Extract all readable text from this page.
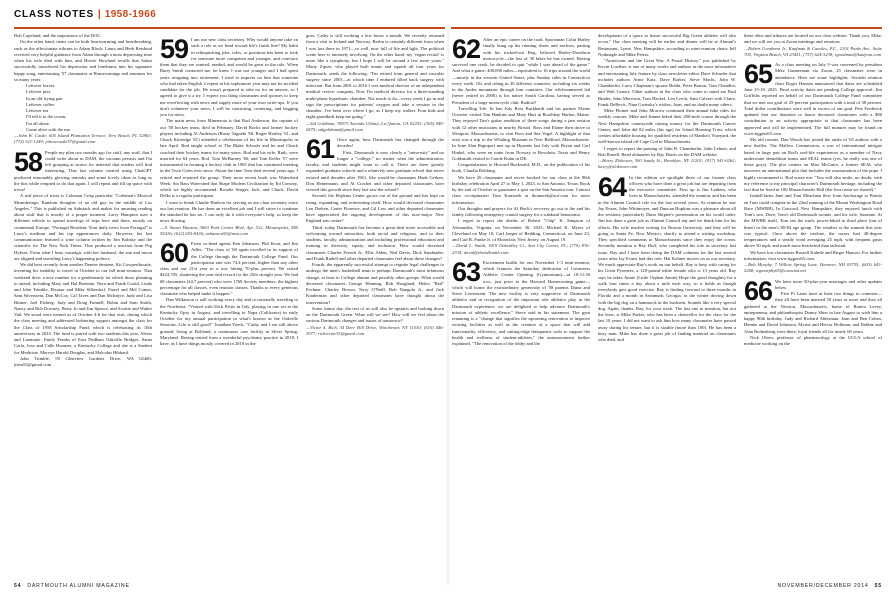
CLASS NOTES | 1958-1966

Bob Copeland, and the importance of the DOC.

On the other hand, items can be both heartwarming and heartbreaking, such as the affectionate tributes to Adam Block: Laura and Herb Reiskind received very helpful guidance from Adam through a most depressing time when his wife died with him, and Howie Howland recalls that Adam successfully transferred his depression and loneliness into his signature happy song, entertaining '57 classmates at Homecomings and reunions for so many years:

Leftover leaves

Leftover pies

In an old frying pan

Leftover coffee

Leftover tea

I'll tell it to the ocean,

I'm all alone.

Come alive with the me.

—John W. Castle, 605 Island Plantation Terrace, Vero Beach, FL 32963; (772) 321-1249; johnwcastle57@gmail.com

58 People my plan two months ago for stuff, any stuff, that I could write about in DAM, the vacuum persists and I'm left grasping at straws for material that readers will find interesting. That last column created using ChatGPT produced reasonably glowing remarks and some lovely ideas as long as the bits while tempted to do that again, I will repeat and fill up space with trivia!

A real piece of trivia is Coleman Crisp particular "Coleman's Musical Meanderings: Random thoughts of an old guy in the middle of Los Angeles." This is published on Substack and makes for amusing reading about stuff that is mostly of a proper moment. Larry Hampton uses a different vehicle to spread travelogs of trips here and there, mostly on continental Europe, "Portugal Resident: Your daily news from Portugal" is Larry's medium and his top appearances daily. However, his last communication featured a wine column written by Jim Kubsky and the scientific for The New York Times. That produced a reaction from Peg Hybsas. From what I hear, nostalgic with her husband, the sun and moon are aligned and unveiling Larry's happening politics.

We did hear recently from another Denver denizen, Kit Cowperthwaite, inventing his inability to travel in October to our fall mini-reunion. That weekend drew a nice number for a gentlemanly lot which those planning to attend, including Mary and Hal Brennan, Nora and Frank Gould, Linda and John Trimble, Eleanor and Mike Silberdorf, Farrel and Mel Comer, Sam Silverstein, Dan McCoy, Cal Taves and Dan McIntyre, Judy and Lisa Bittner, Joel Elsherg, Judy and Doug Funnell, Robin and Sam Smith, Nancy and Bob Downey, Betsy Jo and Jim Spence, and Scottie and Walter Vail. We stood were treated as of October 4-6 for that visit, during which the class meeting and addressed bolstering support amongst the class for the Class of 1958 Scholarship Fund, which is celebrating its 10th anniversary in 2024. The fund is paired with two students this year, Alexis and Luzmarie. Emily Franks of East Dedham Oakville Bridges, Santa Carla, Jose and Calle Huarnes, a Kentucky College and she is a Student for Medicine. Mervyn Harold Douglas, and Malcolm Hibbard.

John Trimble, 95 Glenview Gardens Drive, WA 02460; jtrim55@gmail.com

59 I am our new class secretary. Why would anyone take on such a role as we head toward life's finish line? My habit in relinquishing jobs, roles, or positions has been to look for someone more competent and younger, and convince them that they are wanted, needed, and would be great in the role. When Barry Smith contacted me, he knew I was not younger and I had spent years resigning into retirement. I tried to impress on him that someone who had taken English 2 repeat in his sophomore year may not be an ideal candidate for the job. He wasn't prepared to take no for an answer, so I agreed to give it a try. I expect you thing classmates and spouses to keep me overflowing with news and supply more of your own write-ups. If you don't volunteer your news, I will be contacting, cornering, and begging you for news.

The main news from Minnesota is that Rod Anderson, the captain of our '58 hockey team, died in February. David Rocks and former hockey players including Al Anderson (Rusty Tagneki '60, Roger Hartley '61, and Chuck Kittredge '61) attended a celebration of his life in Minneapolis in late April. Rod taught school at The Blake Schools and he and Chuck coached their hockey teams for many years. Rod and his wife, Ruth, were married for 64 years. Rod, Tom McBurney '60, and Tom Keller '57 were instrumental in forming a hockey club in 1965 that has continued meeting in the Twin Cities ever since. About the time Tom died several years ago, I retired and rejoined the group. Their most recent book was Watershed Week: Six Bass Watershed that Shape Modern Civilization by Ed Conway, which we highly recommend. Rosalie Senger, Jack, and Chuck, David Delks is a regular participant.

I want to thank Charlie Harlson for serving as our class secretary since our last reunion. He has done an excellent job and I will strive to continue the standard he has set. I can only do it with everyone's help, so keep the news flowing.

—A. Stuart Hanson, 3663 Park Center Blvd, Apt. 512, Minneapolis, MN 55416; (612) 655-8436; ashanson55@msn.com

60 From co-head agents Ken Johansen, Phil Kron, and Jim Adler: "The class of '60 again excelled in its support of the College through the Dartmouth College Fund. Our participation rate was 74.4 percent, higher than any other class and our 21st year in a row hitting 70-plus percent. We raised $424,705, shattering the year-end record for the 25th straight year. We had 68 classmates (24.7 percent) who were 1769 Society members, the highest percentage for all classes, even reunion classes. Thanks to every generous classmate who helped make it happen."

Dan Wilkinson is still working every day and occasionally traveling to the Northeast: "Visited with Dick Pettis in July, playing in one set at the Kentucky Opry in August, and travelling to Napa (California) in early October for my annual participation in what's known as the Oakville Sessions. Life is still good!" Jonathan Yoeck: "Cathy and I are still above ground, living at Rohland, a continuous care facility in Silver Spring, Maryland. Having retired from a wonderful psychiatry practice in 2018, I have, as I have things mostly covered in 2018 in the

goes. Cathy is still working a few hours a month. We recently returned from a visit to Ireland and Norway. Berlin is certainly different from when I was last there in 1971—so well, now full of life and light. The political scene here is intensely involving. On the other hand, my 'vegan recital' is more like a symphony, but I hope I will be around a few more years." Marty Zipser, who played both tennis and squash all four years for Dartmouth, sends the following: "I'm retired from general and vascular surgery since 2001—at which time I endured filled back surgery with infection. But from 2001 to 2016 I was medical director of an independent medical review company. Now I'm medical director for a three-standing multi-phase hyperbaric chamber. Not much to do—every week I go in and sign the prescriptions for patients' oxygen and take a session in the chamber. I've been over where I go, as I keep my walker. Four kids and eight grandkids keep me going."

—Sid Goldman, 78573 Avenida Ultima, La Quinta, CA 92253; (305) 949-0475; sidgoldman@gmail.com

61 Once again, how Dartmouth has changed through the decades!

First, Dartmouth is now clearly a "university" and no longer a "college," no matter what the administration, faculty, and students might want to call it. There are three greatly expanded graduate schools and a relatively new graduate school that never existed until decades after 1961, like would-be classmates Hank Gerken, Don Heinemann, and Al Crochet and other departed classmates have viewed this growth since they last saw the school?

Second, the Hopkins Center grows out of the ground and has kept on rising, expanding, and reinventing itself. How would deceased classmates Len Dieken, Carter Fiorence, and Gil Low and other departed classmates have appreciated the ongoing development of this now-major New England arts center?

Third, today Dartmouth has become a great deal more accessible and welcoming toward minorities, both racial and religious, and to their students, faculty, administration and including professional education and training in diversity, equity, and inclusion. How would deceased classmates Charles French Jr., Ellis Alden, Ned Davis, Dick Sandnader, and Frank Rudell and other departed classmates feel about these changes?

Fourth, the apparently successful attempt to reignite legal challenges to undergo the men's basketball team is perhaps Dartmouth's most infamous change, at least to College alumni and possibly other groups. What would deceased classmates George Henning, Bob Hoagland, Helen "Red" Fechner, Charley Brown, Terry O'Neill, Bob Nangola Jr., and Jack Kinderman and other departed classmates have thought about the intervention?

Some future day, the rest of us will also be upstairs and looking down on the Dartmouth Green. What will we see? How will we feel about the various Dartmouth changes and issues of tomorrow?

—Victor S. Rich, 34 Deer Hill Drive, Winchester, NY 11530; (516) 446-3977; richvictor35@gmail.com

62 After an epic career on the road, Sportsman Colin Harley finally hung up his running shoes and anchors, parting with his tricked-out Hog, beloved Harley-Davidson motorcycle—the last of 30 bikes he has owned. Having survived one crash, he decided to quit "while I was ahead of the game." And what a game: 400,000 miles—equivalent to 16 trips around the world—mostly in the western United States, plus Sunday rides in Connecticut every week. Oh, and riding in 20 different countries, including six weeks in the Andes mountains through four countries. Our wild-mannered lad (never retired in 2006) is his native South Carolina, having served as President of a large motorcycle club. Radical!

Travelling 'life: In late July Ross Burkhardt and his partner Elaine Octavier visited Tim Hankins and Mary Hurt in Boothbay Harbor, Maine. They enjoyed Tim's guitar rendition of three songs during a jam session with 12 other musicians in nearby Bristol. Ross and Elaine then drove to Westport, Massachusetts, to visit Ross and Sue Vogel. A highlight of that visit was a trip to the Whaling Museum in New Bedford, Massachusetts. In June Alan Rapoport met up in Hyannis last July with Bryan and Carl Hinkel, who were en route from Norway to Bowdoin, Texas and Henry Goldsmith visited to Carole Kuhn in DE.

Congratulations to Howard Buckwald, M.D., on the publication of his book, Claudia Bobbing.

We have 26 classmates and wives booked for our class at the 90th birthday celebration April 27 to May 1, 2025, in San Antonio, Texas. Book by the end of October to guarantee a spot on the San Antonio tour. Contact class co-tripmaster Tom Komarek at tkomarek@aol.com for more information.

Our thoughts and prayers for Al Huck's recovery go out to the and his family following emergency cranial surgery for a subdural hematoma.

I regret to report the deaths of Robert "Chip" K. Simpson of Alexandria, Virginia, on November 30, 2023; Michael K. Myers of Cleveland on May 10; Carl Jaeger of Redding, Connecticut, on June 23; and Carl R. Funke Jr. of Montclair, New Jersey, on August 19.

—David L. Smith, 1819 Oakvalley Ct., Sun City Center, FL; (770) 876-2334; david@davidlsmith.com

63 Excitement builds for our November 1-3 mini-reunion, which features the Saturday dedication of Cavaneers Athletic Center Opening (Gymnasium)—at 10-11:30 a.m., just prior to the Harvard Homecoming game—which will honor the extraordinary generosity of '58 parents Diana and Steve Lewinstein. The new facility is very supportive of Dartmouth athletics and in recognition of the important role athletics play in the Dartmouth experience, we are delighted to help advance Dartmouth's mission of athletic excellence," Steve said in his statement. The gym renaming is a "change that signifies the upcoming renovation to improve existing facilities as well as the creation of a space that will add functionality, efficiency, and cutting-edge therapeutic tools to support the health and wellness of student-athletes," the announcement further explained. "The renovation of the lobby and the

development of a space to honor successful Big Green athletes will also occur." Our class meeting will be earlier and dinner will be at Alumni's Restaurant, Lyme, New Hampshire, according to mini-reunion chairs Jeff Nothnagle and Mike Peters.

"Americans and the Great War: A Postal History," just published by Kevin Lowther, is one of many works and authors in the most informative and entertaining July feature by class newsletter editor Dave Schaefer that includes authors Arnie Katz, Dave Barker, Steve Macht, John W. Chamberlin, Larry Chapman's spouse Bobbi, Peter Barton, Tom Chandler, and Walt Carney. Other authors in the class who come to mind are Paul Binder, John Morrison, Tom Hackel, Len Leviit, Sam Calvert with Claire, Frank DeBevic, Nina Gwinsky's widow, Joan, and no doubt many others.

Mike Plotner and John Morrow continued their annual bike rides for weekly courses. Mike and Jeanne biked their 200-mile course through the New Hampshire countryside raising money for the Dartmouth Cancer Center, and John did 82 miles (his age) for Island Housing Trust, which creates affordable housing for qualified residents of Martha's Vineyard, the well-known island off Cape Cod in Massachusetts.

I regret to report the passing of John R. Chamberlin, John Lehner, and Bob Ronell. Read obituaries by Ray Harris on the DAM website.

—Harry Zlokower, 300 Sandy St., Brooklyn, NY 11201; (917) 541-6262; harry@zlokower.com

64 In this edition we spotlight three of our former class officers who have done a great job but are departing from the executive committee. First up is Jim Lathem, who lives in Massachusetts, attended the reunion, and has been in the Alumni Council role for the last several years. As reunion he saw Jay Evans, John Whitmoyer, and Duncan Hopkins was a pleasure about all the sessions, particularly Dana Shiptee's presentation on his world order. Jim has done a great job as Alumni Council rep and we thank him for his efforts. His wife teaches writing for Boston University, and they will be going to Santa Fe, New Mexico, shortly to attend a writing workshop. They specified comments to Massachusetts since they enjoy the ocean. Secondly mention is Ray Hoff, who completed his role as secretary last issue. Ray and I have been doing the DAM columns for the last several years after Jay Evans had this role. Hal Kobner moves on as our secretary. We much appreciate Ray's work on our behalf. Ray is busy with caring for his Great Pyrenees, a 120-pound white female who is 13 years old. Ray says he takes Annie (Little Orphan Annie) Hope the good thoughts) for a walk four times a day about a mile each way, so it holds as though everybody gets good exercise. Ray is finding forward to three months in Florida and a month in Savannah, Georgia, in the winter driving down with the big dog on a hammock in the backseat. Sounds like a very special dog. Again, thanks, Ray, for your work. The last one to mention, but not the least, is Mike Parker, who has been a chancellor for the class for the last 10 years. I did not want to ask him how many classmates have passed away during his tenure, but it is sizable (more than 100). He has been a busy man. Mike has done a great job of finding material on classmates who died, and

these obits and tributes are located on our class website. Thank you, Mike, and we will see you at Zoom meetings and reunions.

—Robert Goodman Jr., Kaufman & Canoles, P.C., 2101 Parks Ave., Suite 700, Virginia Beach, VA 23451; (757) 624-3238; rgoodman@kaufcan.com

65 As a class meeting on July 9 was convened by president Mike Gunnerman via Zoom, 25 classmates were in attendance. Here are some highlights. Sixtieth reunion chair Roger Hansen announced that dates are scheduled June 15-18, 2025. Final activity dates are pending College approval. Jim Griffiths reported on behalf of our Dartmouth College Fund committee that we met our goal of 25-percent participation with a total of 38 percent. Total dollar contributions were well in excess of our goal. Pete Frederick updated that our donation to honor deceased classmates with a $80 contribution to an activity appropriate to that classmates has been approved and will be implemented. The full minutes may be found on www.tiggers65.com.

My old roomie, Dan Woods has joined the ranks of '65 authors with a new thriller, The Mallow Commission, a sort of international intrigue based in large part on Rod's real-life experiences as a member of Navy underwater demolition teams and SEAL teams (yes, he really was one of those guys). The plot centers on Max McGuire, a former SEAL who uncovers an international plot that includes the assassination of the pope. I highly recommend it. Rod wrote me: "You will also smile, no doubt, with my reference to my principal character's Dartmouth heritage, including the fact that he lived in 106 Massachusetts Hall (the first room we shared)."

Inshell-lanes Jane and Tom Meacham flew from Anchorage to Bonita en Tom could compete in the 22nd running of the Mount Washington Road Race (MWRR). In Concord, New Hampshire, they enjoyed lunch with Tom's son, Dave, Tom's old Dartmouth roomie, and his wife, Suzanne. At the MWRR itself, Tom ran the truth, power-biked to third place (out of three) in the men's 80-84 age group. The weather at the summit this year was typical. Once above the treeline, the racers had 40-degree temperatures and a steady wind averaging 25 mph, with frequent gusts above 50 mph, and much more headwind than tailwind.

We have lost classmates Russell Kuhnle and Birger Hanson. For further information, visit www.tiggers65.com.

—Bob Murphy, 7 Willow Spring Lane, Hanover, NH 03755; (603) 643-5268; wgmurphy65@comcast.net

66 We have more 50-plus-year marriages and other updates below.

Five Pi Lams have at least two things in common—they all have been married 50 years or more and they all gathered at the Newton, Massachusetts, home of Bonita Levey, entrepreneur, and philanthropist Donny Shier in late August to wish him a happy 80th birthday. Judy and Richard Ablesman, Joan and Ben Cohen, Hennie and David Johnston, Myrna and Hector Hollman, and Debbie and Alan Rothenberg were there, loyal friends all for nearly 60 years.

Nick Olsen, professor of pharmacology at the UCLA school of medicine working on the

54 DARTMOUTH ALUMNI MAGAZINE	NOVEMBER/DECEMBER 2014 55
